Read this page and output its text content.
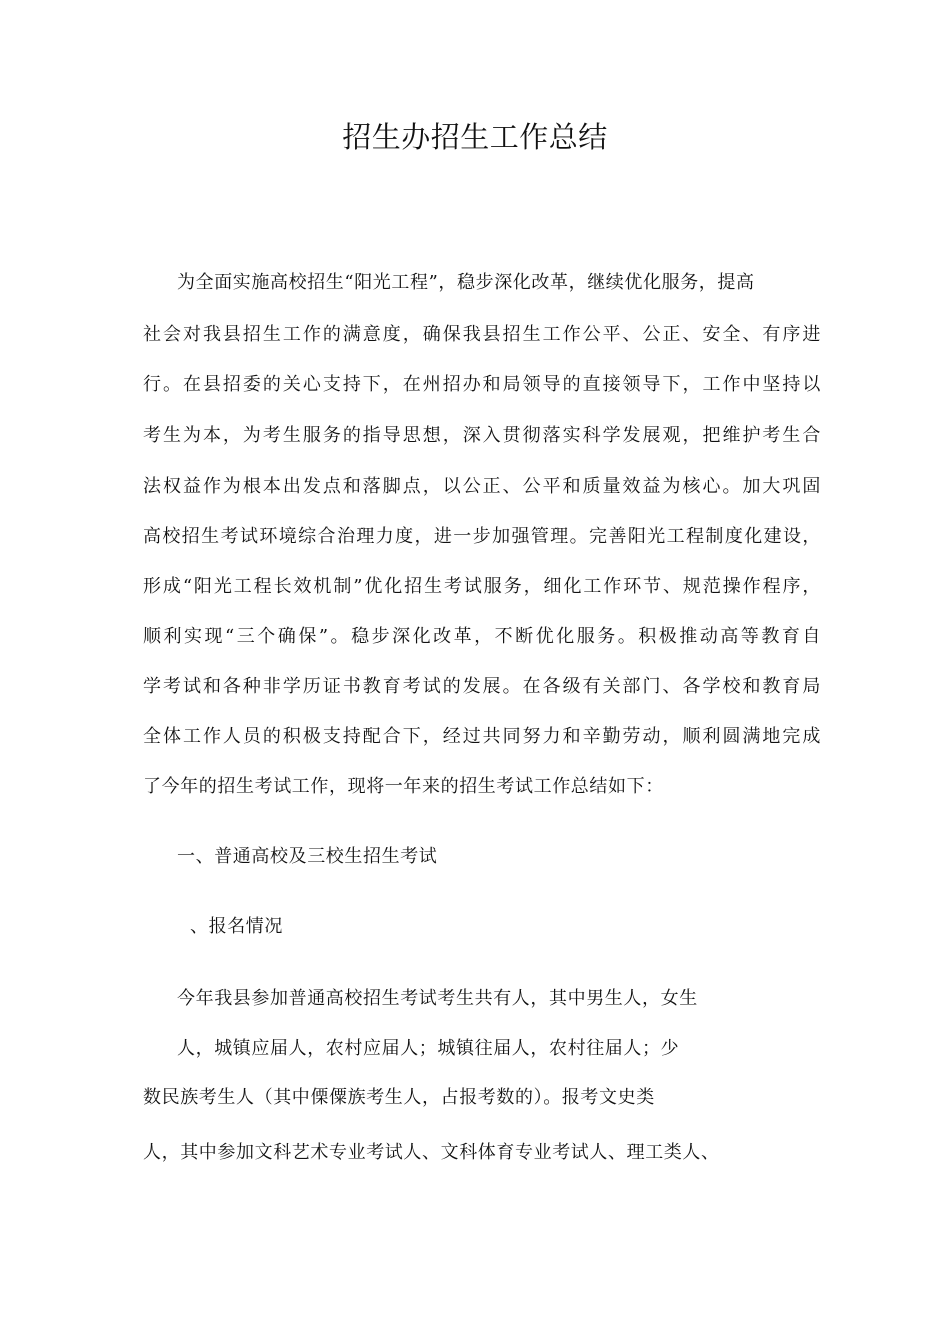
招生办招生工作总结
为全面实施高校招生“阳光工程”，稳步深化改革，继续优化服务，提高
社会对我县招生工作的满意度，确保我县招生工作公平、公正、安全、有序进
行。在县招委的关心支持下，在州招办和局领导的直接领导下，工作中坚持以
考生为本，为考生服务的指导思想，深入贯彻落实科学发展观，把维护考生合
法权益作为根本出发点和落脚点，以公正、公平和质量效益为核心。加大巩固
高校招生考试环境综合治理力度，进一步加强管理。完善阳光工程制度化建设，
形成“阳光工程长效机制”优化招生考试服务，细化工作环节、规范操作程序，
顺利实现“三个确保”。稳步深化改革，不断优化服务。积极推动高等教育自
学考试和各种非学历证书教育考试的发展。在各级有关部门、各学校和教育局
全体工作人员的积极支持配合下，经过共同努力和辛勤劳动，顺利圆满地完成
了今年的招生考试工作，现将一年来的招生考试工作总结如下：
一、普通高校及三校生招生考试
、报名情况
今年我县参加普通高校招生考试考生共有人，其中男生人，女生
人，城镇应届人，农村应届人；城镇往届人，农村往届人；少
数民族考生人（其中傈僳族考生人，占报考数的）。报考文史类
人，其中参加文科艺术专业考试人、文科体育专业考试人、理工类人、
